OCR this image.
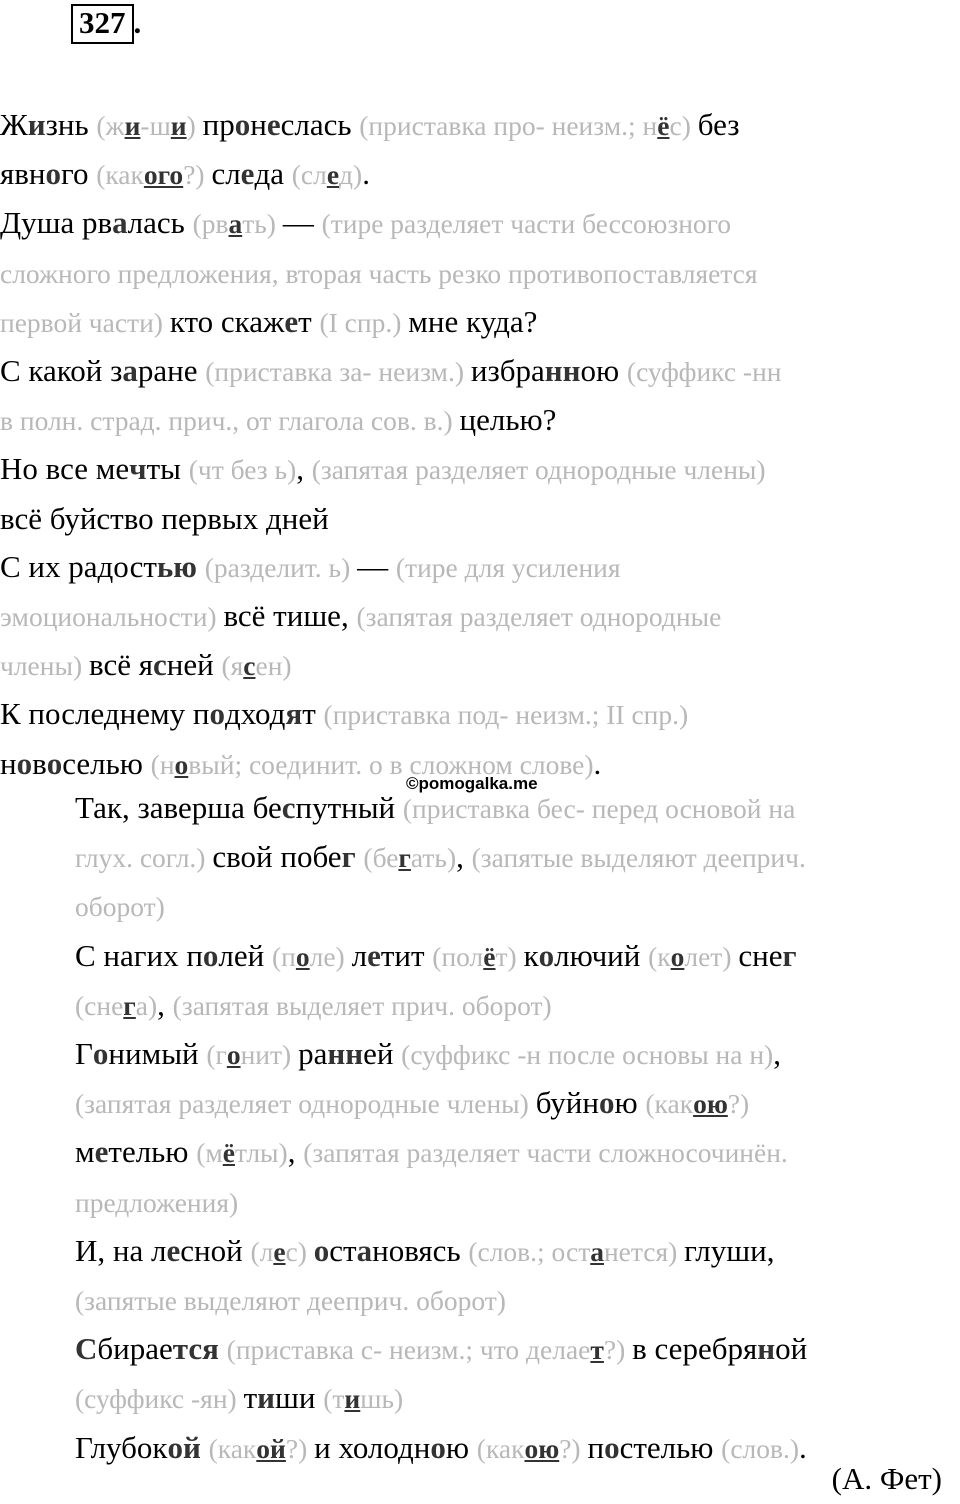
327 .
Жизнь (жи-ши) пронеслась (приставка про- неизм.; нёс) без
явного (какого?) следа (след).
Душа рвалась (рвать) — (тире разделяет части бессоюзного
сложного предложения, вторая часть резко противопоставляется
первой части) кто скажет (I спр.) мне куда?
С какой заране (приставка за- неизм.) избранною (суффикс -нн
в полн. страд. прич., от глагола сов. в.) целью?
Но все мечты (чт без ь), (запятая разделяет однородные члены)
всё буйство первых дней
С их радостью (разделит. ь) — (тире для усиления
эмоциональности) всё тише, (запятая разделяет однородные
члены) всё ясней (ясен)
К последнему подходят (приставка под- неизм.; II спр.)
новоселью (новый; соединит. о в сложном слове).
©pomogalka.me
Так, заверша беспутный (приставка бес- перед основой на
глух. согл.) свой побег (бегать), (запятые выделяют дееприч.
оборот)
С нагих полей (поле) летит (полёт) колючий (колет) снег
(снега), (запятая выделяет прич. оборот)
Гонимый (гонит) ранней (суффикс -н после основы на н),
(запятая разделяет однородные члены) буйною (какою?)
метелью (мётлы), (запятая разделяет части сложносочинён.
предложения)
И, на лесной (лес) остановясь (слов.; останется) глуши,
(запятые выделяют дееприч. оборот)
Сбирается (приставка с- неизм.; что делает?) в серебряной
(суффикс -ян) тиши (тишь)
Глубокой (какой?) и холодною (какою?) постелью (слов.).
(А. Фет)
